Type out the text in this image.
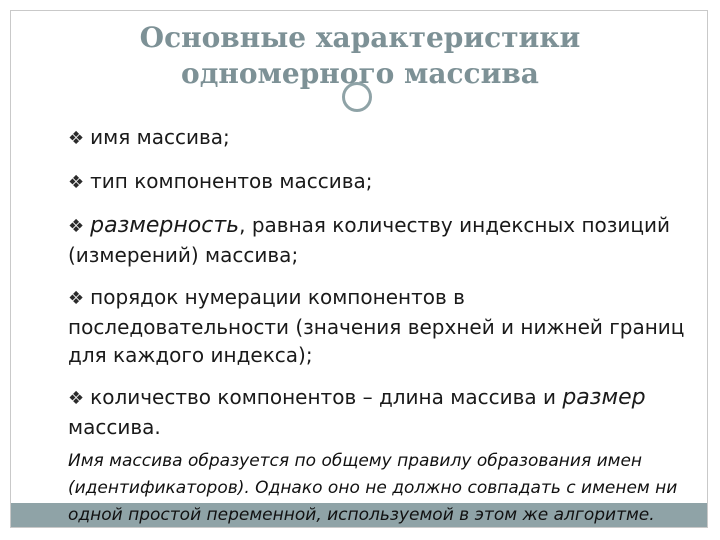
Основные характеристики
одномерного массива
❖ имя массива;
❖ тип компонентов массива;
❖ размерность, равная количеству индексных позиций (измерений) массива;
❖ порядок нумерации компонентов в последовательности (значения верхней и нижней границ для каждого индекса);
❖ количество компонентов – длина массива и размер массива.
Имя массива образуется по общему правилу образования имен (идентификаторов). Однако оно не должно совпадать с именем ни одной простой переменной, используемой в этом же алгоритме.
